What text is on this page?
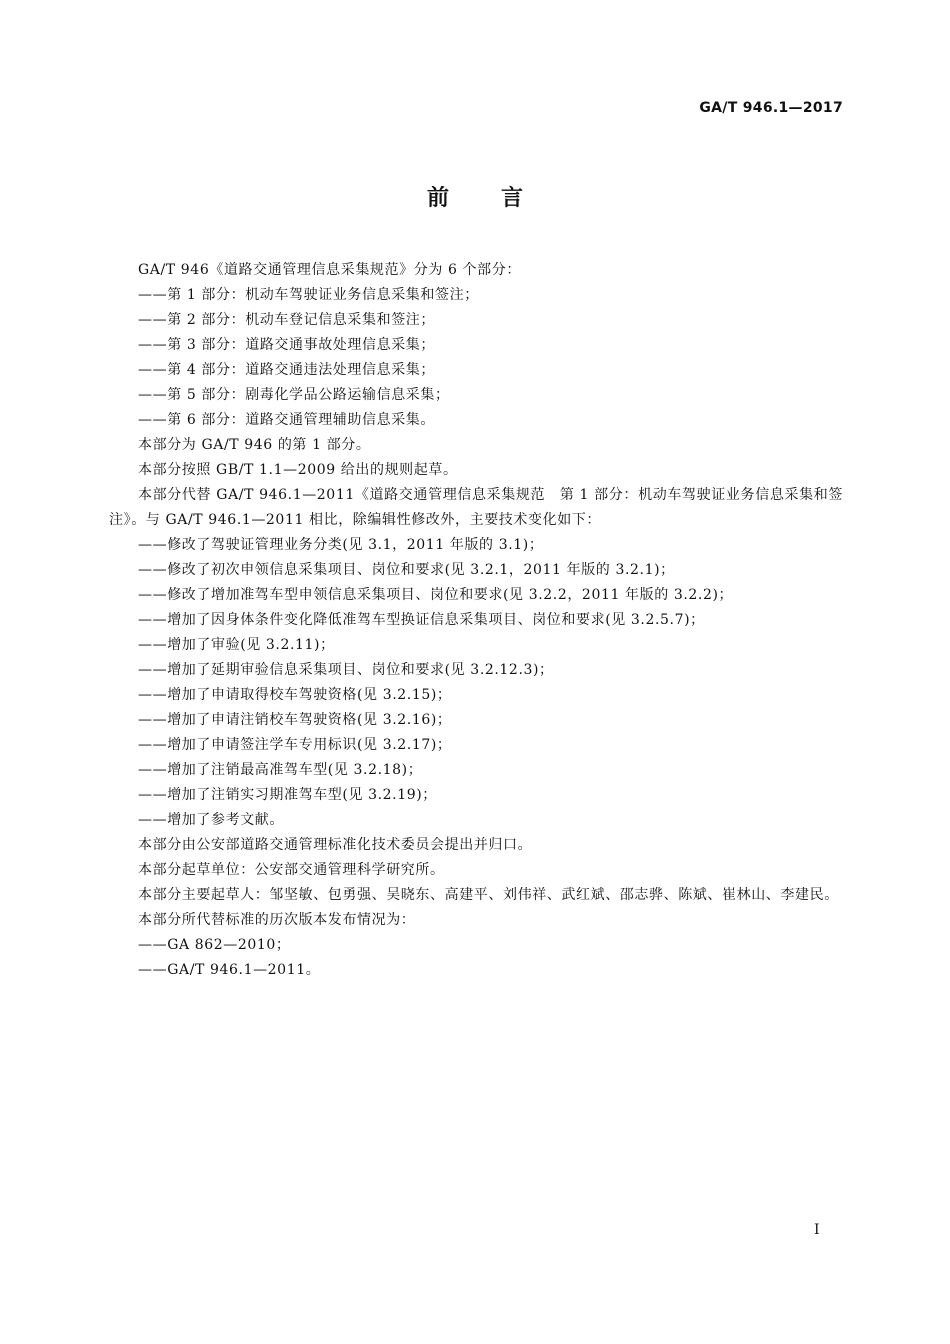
GA/T 946.1—2017
前言

GA/T 946《道路交通管理信息采集规范》分为 6 个部分：

——第 1 部分：机动车驾驶证业务信息采集和签注；

——第 2 部分：机动车登记信息采集和签注；

——第 3 部分：道路交通事故处理信息采集；

——第 4 部分：道路交通违法处理信息采集；

——第 5 部分：剧毒化学品公路运输信息采集；

——第 6 部分：道路交通管理辅助信息采集。

本部分为 GA/T 946 的第 1 部分。

本部分按照 GB/T 1.1—2009 给出的规则起草。

本部分代替 GA/T 946.1—2011《道路交通管理信息采集规范　第 1 部分：机动车驾驶证业务信息采集和签注》。与 GA/T 946.1—2011 相比，除编辑性修改外，主要技术变化如下：

——修改了驾驶证管理业务分类(见 3.1，2011 年版的 3.1)；

——修改了初次申领信息采集项目、岗位和要求(见 3.2.1，2011 年版的 3.2.1)；

——修改了增加准驾车型申领信息采集项目、岗位和要求(见 3.2.2，2011 年版的 3.2.2)；

——增加了因身体条件变化降低准驾车型换证信息采集项目、岗位和要求(见 3.2.5.7)；

——增加了审验(见 3.2.11)；

——增加了延期审验信息采集项目、岗位和要求(见 3.2.12.3)；

——增加了申请取得校车驾驶资格(见 3.2.15)；

——增加了申请注销校车驾驶资格(见 3.2.16)；

——增加了申请签注学车专用标识(见 3.2.17)；

——增加了注销最高准驾车型(见 3.2.18)；

——增加了注销实习期准驾车型(见 3.2.19)；

——增加了参考文献。

本部分由公安部道路交通管理标准化技术委员会提出并归口。

本部分起草单位：公安部交通管理科学研究所。

本部分主要起草人：邹坚敏、包勇强、吴晓东、高建平、刘伟祥、武红斌、邵志骅、陈斌、崔林山、李建民。

本部分所代替标准的历次版本发布情况为：

——GA 862—2010；

——GA/T 946.1—2011。

I
